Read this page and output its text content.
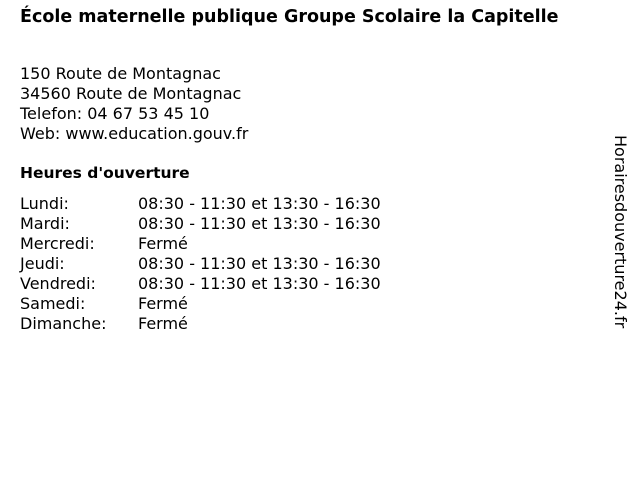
École maternelle publique Groupe Scolaire la Capitelle
150 Route de Montagnac
34560 Route de Montagnac
Telefon: 04 67 53 45 10
Web: www.education.gouv.fr
Heures d'ouverture
Lundi:	08:30 - 11:30 et 13:30 - 16:30
Mardi:	08:30 - 11:30 et 13:30 - 16:30
Mercredi:	Fermé
Jeudi:	08:30 - 11:30 et 13:30 - 16:30
Vendredi:	08:30 - 11:30 et 13:30 - 16:30
Samedi:	Fermé
Dimanche:	Fermé	Horairesdouverture24.fr
